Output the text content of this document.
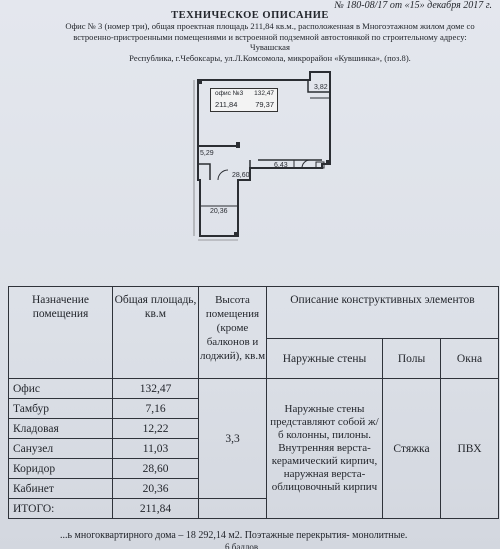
№ 180-08/17 от «15» декабря 2017 г.
ТЕХНИЧЕСКОЕ ОПИСАНИЕ
Офис № 3 (номер три), общая проектная площадь 211,84 кв.м., расположенная в Многоэтажном жилом доме со
встроенно-пристроенными помещениями и встроенной подземной автостоянкой по строительному адресу: Чувашская
Республика, г.Чебоксары, ул.Л.Комсомола, микрорайон «Кувшинка», (поз.8).
офис №3
211,84
132,47
79,37
3,82
5,29
28,60
6,43
20,36
Назначение помещения	Общая площадь, кв.м	Высота помещения (кроме балконов и лоджий), кв.м	Описание конструктивных элементов		
			Наружные стены	Полы	Окна
Офис	132,47	3,3	Наружные стены представляют собой ж/б колонны, пилоны. Внутренняя верста-керамический кирпич, наружная верста-облицовочный кирпич	Стяжка	ПВХ
Тамбур	7,16				
Кладовая	12,22				
Санузел	11,03				
Коридор	28,60				
Кабинет	20,36				
ИТОГО:	211,84				
...ь многоквартирного дома – 18 292,14 м2. Поэтажные перекрытия- монолитные.
6 баллов
